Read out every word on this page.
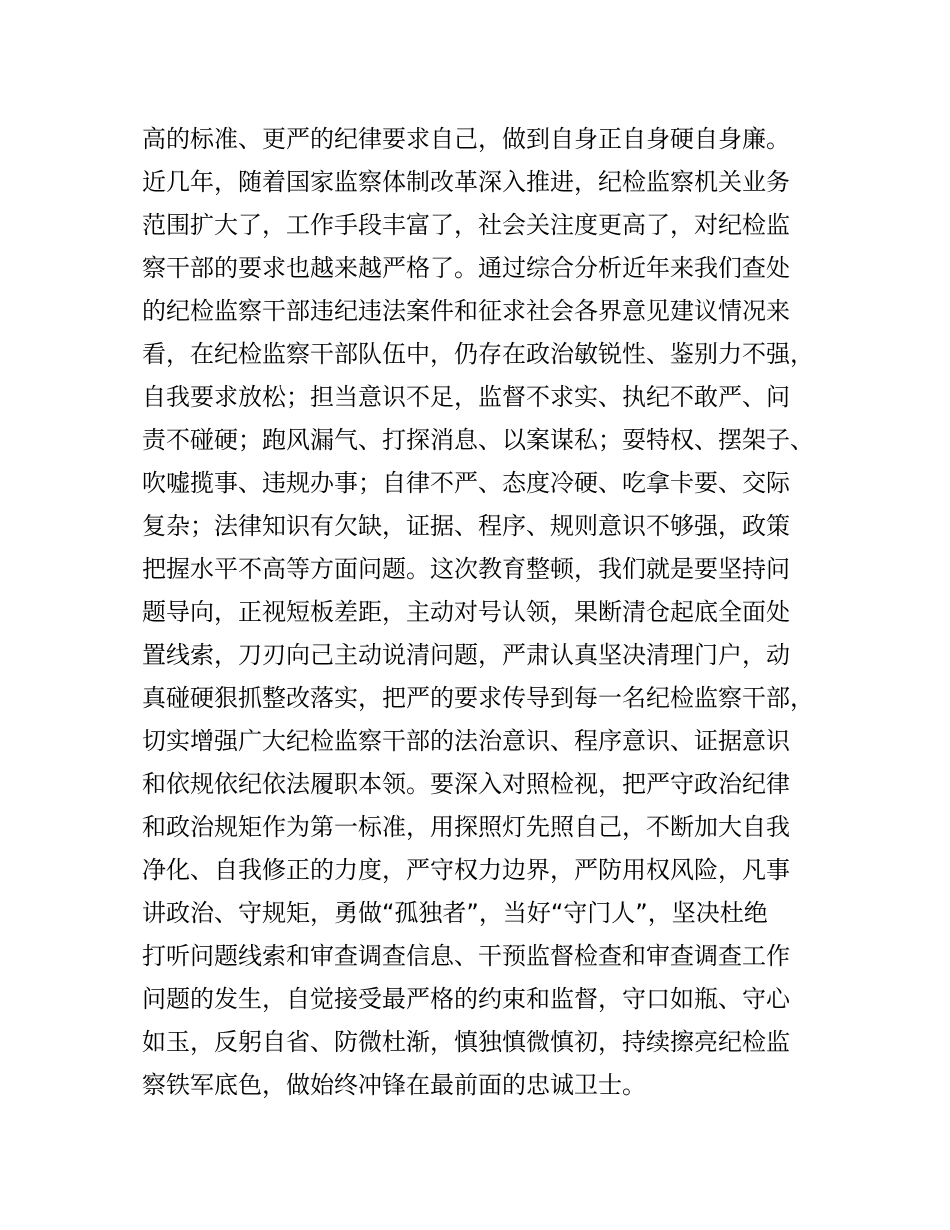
高的标准、更严的纪律要求自己，做到自身正自身硬自身廉。
近几年，随着国家监察体制改革深入推进，纪检监察机关业务
范围扩大了，工作手段丰富了，社会关注度更高了，对纪检监
察干部的要求也越来越严格了。通过综合分析近年来我们查处
的纪检监察干部违纪违法案件和征求社会各界意见建议情况来
看，在纪检监察干部队伍中，仍存在政治敏锐性、鉴别力不强，
自我要求放松；担当意识不足，监督不求实、执纪不敢严、问
责不碰硬；跑风漏气、打探消息、以案谋私；耍特权、摆架子、
吹嘘揽事、违规办事；自律不严、态度冷硬、吃拿卡要、交际
复杂；法律知识有欠缺，证据、程序、规则意识不够强，政策
把握水平不高等方面问题。这次教育整顿，我们就是要坚持问
题导向，正视短板差距，主动对号认领，果断清仓起底全面处
置线索，刀刃向己主动说清问题，严肃认真坚决清理门户，动
真碰硬狠抓整改落实，把严的要求传导到每一名纪检监察干部，
切实增强广大纪检监察干部的法治意识、程序意识、证据意识
和依规依纪依法履职本领。要深入对照检视，把严守政治纪律
和政治规矩作为第一标准，用探照灯先照自己，不断加大自我
净化、自我修正的力度，严守权力边界，严防用权风险，凡事
讲政治、守规矩，勇做“孤独者”，当好“守门人”，坚决杜绝
打听问题线索和审查调查信息、干预监督检查和审查调查工作
问题的发生，自觉接受最严格的约束和监督，守口如瓶、守心
如玉，反躬自省、防微杜渐，慎独慎微慎初，持续擦亮纪检监
察铁军底色，做始终冲锋在最前面的忠诚卫士。
